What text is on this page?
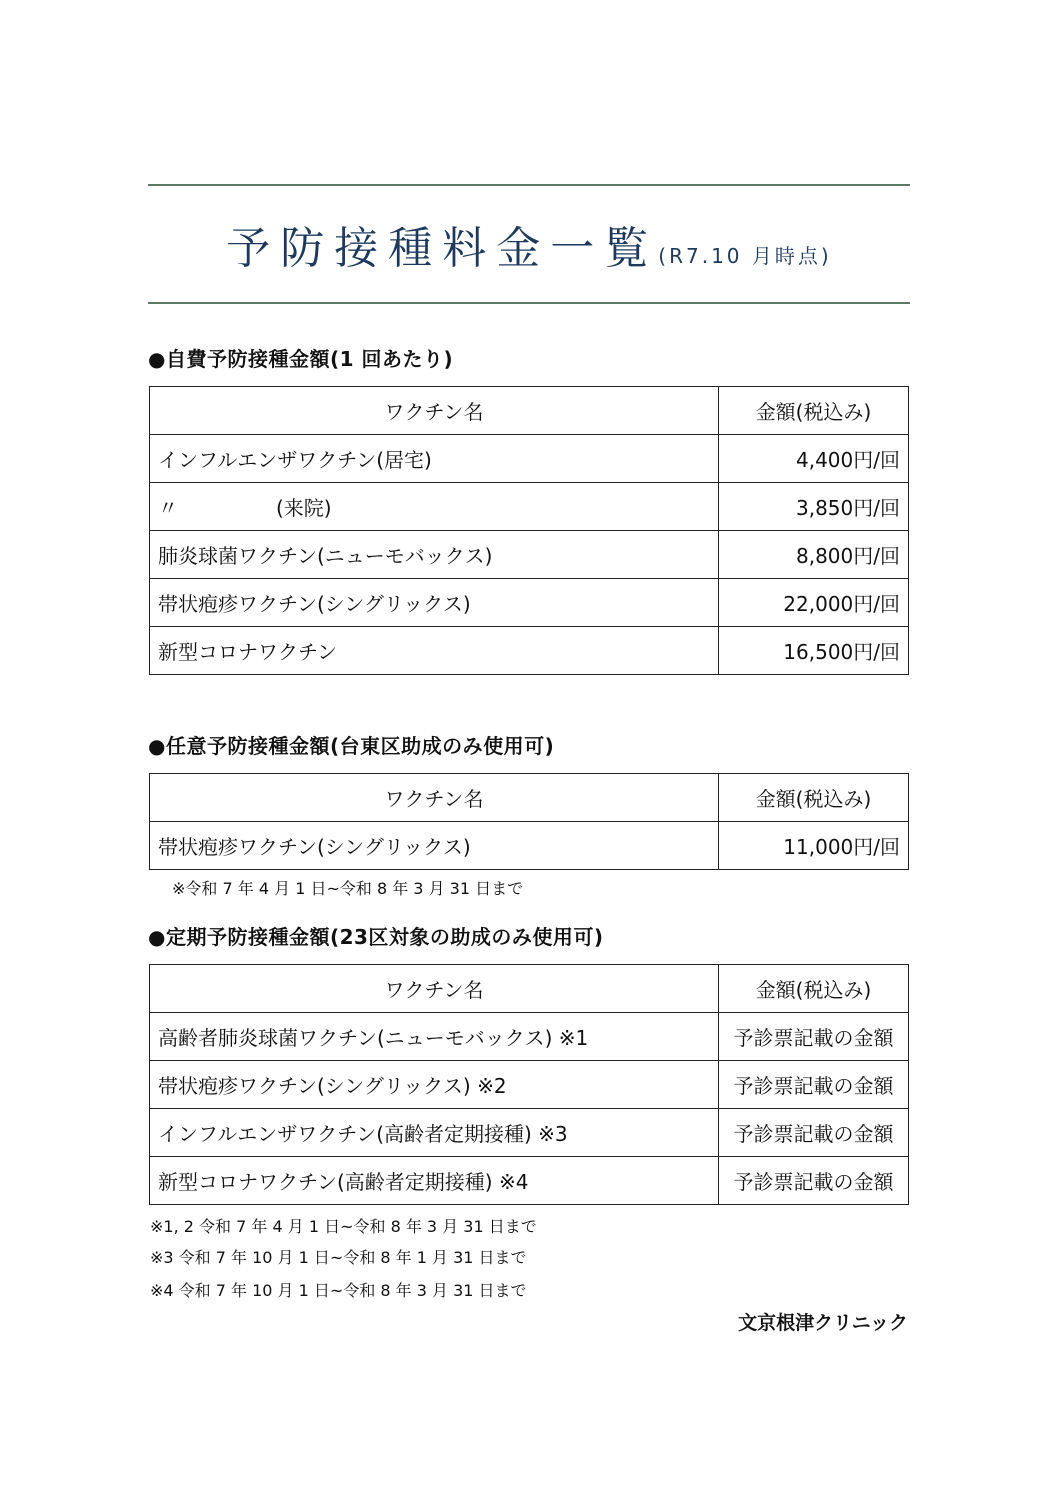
予防接種料金一覧(R7.10 月時点)
●自費予防接種金額(1 回あたり)
ワクチン名	金額(税込み)
インフルエンザワクチン(居宅)	4,400円/回
〃 (来院)	3,850円/回
肺炎球菌ワクチン(ニューモバックス)	8,800円/回
帯状疱疹ワクチン(シングリックス)	22,000円/回
新型コロナワクチン	16,500円/回
●任意予防接種金額(台東区助成のみ使用可)
ワクチン名	金額(税込み)
帯状疱疹ワクチン(シングリックス)	11,000円/回
※令和 7 年 4 月 1 日~令和 8 年 3 月 31 日まで
●定期予防接種金額(23区対象の助成のみ使用可)
ワクチン名	金額(税込み)
高齢者肺炎球菌ワクチン(ニューモバックス) ※1	予診票記載の金額
帯状疱疹ワクチン(シングリックス) ※2	予診票記載の金額
インフルエンザワクチン(高齢者定期接種) ※3	予診票記載の金額
新型コロナワクチン(高齢者定期接種) ※4	予診票記載の金額
※1, 2 令和 7 年 4 月 1 日~令和 8 年 3 月 31 日まで
※3 令和 7 年 10 月 1 日~令和 8 年 1 月 31 日まで
※4 令和 7 年 10 月 1 日~令和 8 年 3 月 31 日まで
文京根津クリニック
